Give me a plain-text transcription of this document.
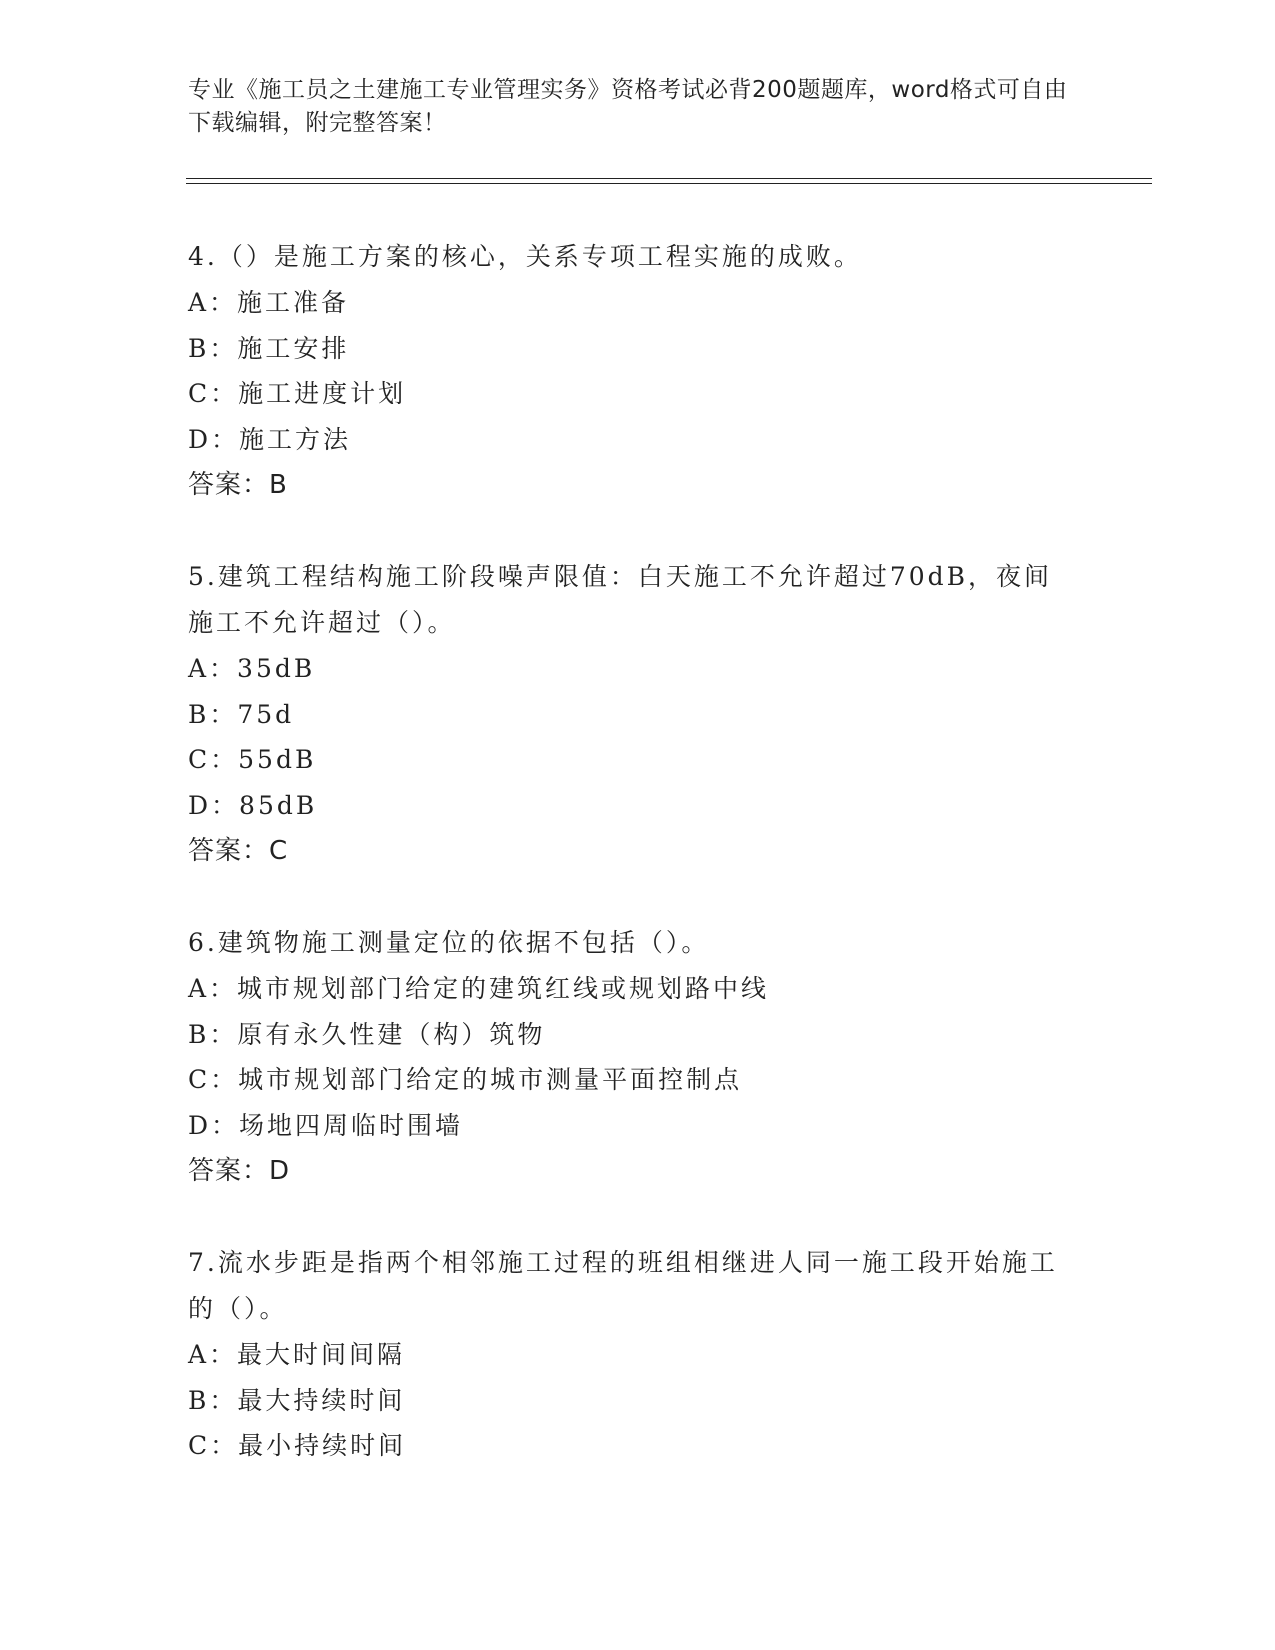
专业《施工员之土建施工专业管理实务》资格考试必背200题题库，word格式可自由下载编辑，附完整答案！
4.（）是施工方案的核心，关系专项工程实施的成败。
A：施工准备
B：施工安排
C：施工进度计划
D：施工方法
答案：B
5.建筑工程结构施工阶段噪声限值：白天施工不允许超过70dB，夜间施工不允许超过（）。
A：35dB
B：75d
C：55dB
D：85dB
答案：C
6.建筑物施工测量定位的依据不包括（）。
A：城市规划部门给定的建筑红线或规划路中线
B：原有永久性建（构）筑物
C：城市规划部门给定的城市测量平面控制点
D：场地四周临时围墙
答案：D
7.流水步距是指两个相邻施工过程的班组相继进人同一施工段开始施工的（）。
A：最大时间间隔
B：最大持续时间
C：最小持续时间
